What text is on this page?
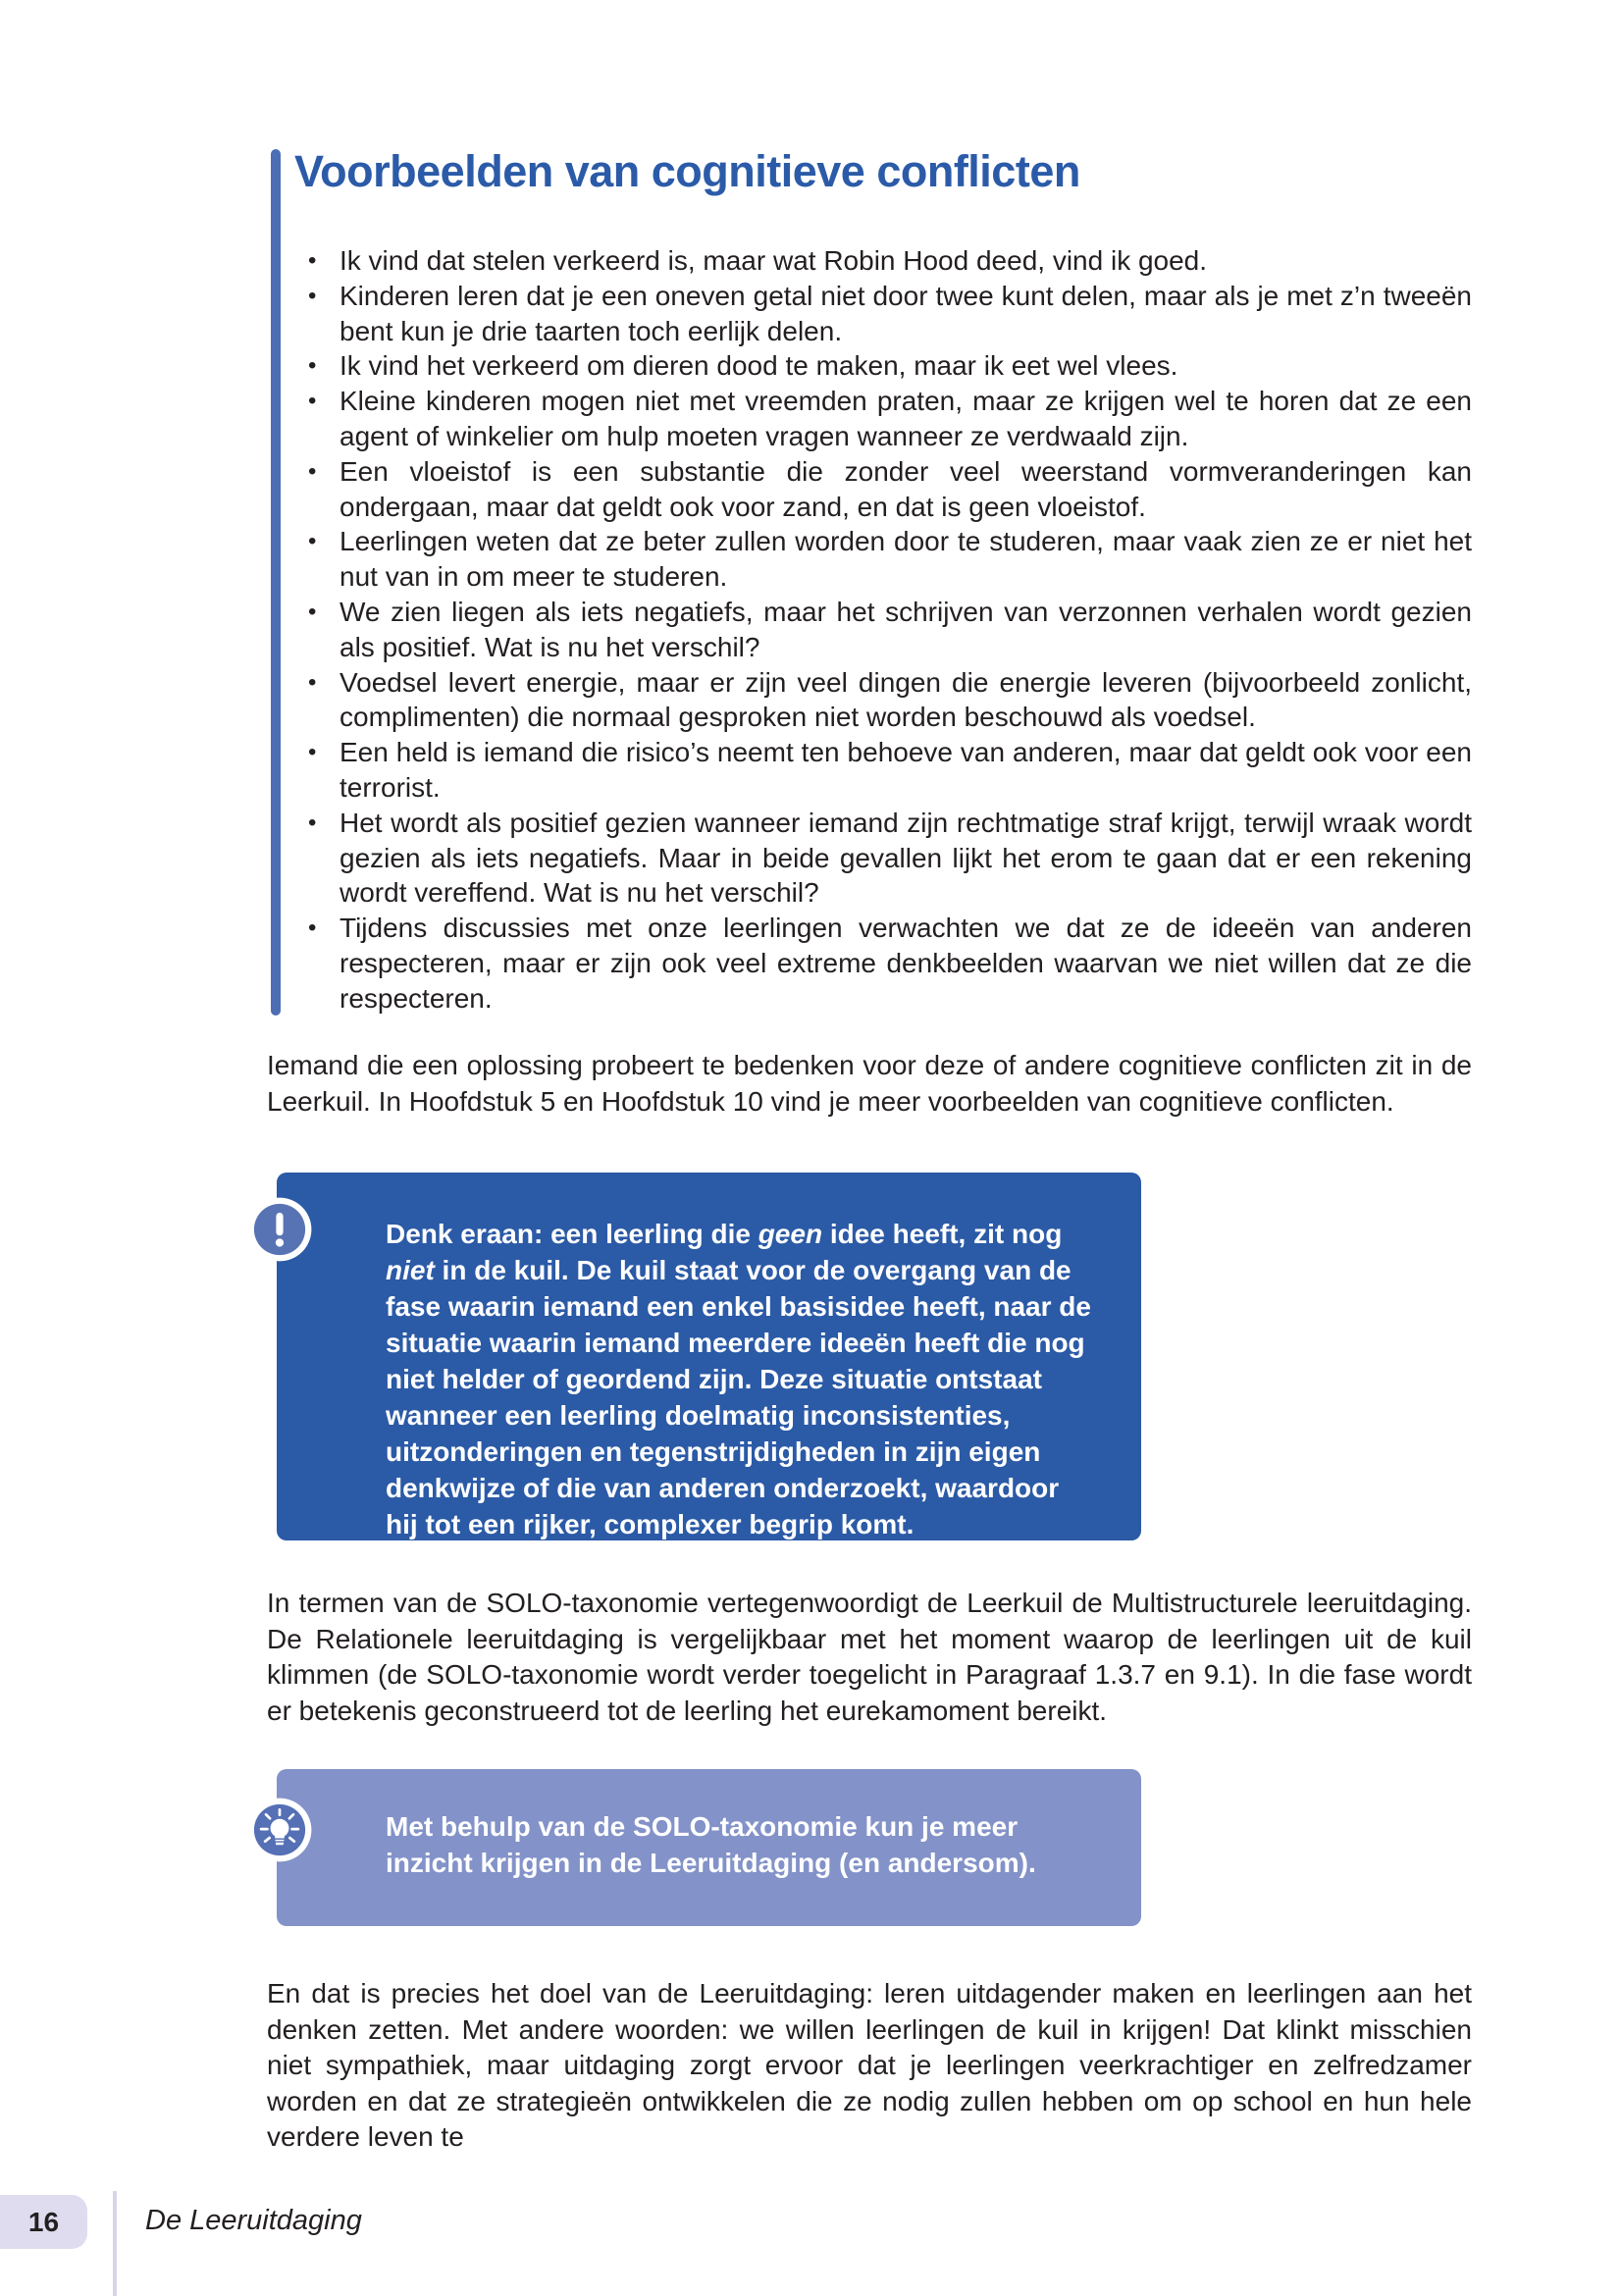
Voorbeelden van cognitieve conflicten
• Ik vind dat stelen verkeerd is, maar wat Robin Hood deed, vind ik goed.
• Kinderen leren dat je een oneven getal niet door twee kunt delen, maar als je met z’n tweeën bent kun je drie taarten toch eerlijk delen.
• Ik vind het verkeerd om dieren dood te maken, maar ik eet wel vlees.
• Kleine kinderen mogen niet met vreemden praten, maar ze krijgen wel te horen dat ze een agent of winkelier om hulp moeten vragen wanneer ze verdwaald zijn.
• Een vloeistof is een substantie die zonder veel weerstand vormveranderingen kan ondergaan, maar dat geldt ook voor zand, en dat is geen vloeistof.
• Leerlingen weten dat ze beter zullen worden door te studeren, maar vaak zien ze er niet het nut van in om meer te studeren.
• We zien liegen als iets negatiefs, maar het schrijven van verzonnen verhalen wordt gezien als positief. Wat is nu het verschil?
• Voedsel levert energie, maar er zijn veel dingen die energie leveren (bijvoorbeeld zonlicht, complimenten) die normaal gesproken niet worden beschouwd als voedsel.
• Een held is iemand die risico’s neemt ten behoeve van anderen, maar dat geldt ook voor een terrorist.
• Het wordt als positief gezien wanneer iemand zijn rechtmatige straf krijgt, terwijl wraak wordt gezien als iets negatiefs. Maar in beide gevallen lijkt het erom te gaan dat er een rekening wordt vereffend. Wat is nu het verschil?
• Tijdens discussies met onze leerlingen verwachten we dat ze de ideeën van anderen respecteren, maar er zijn ook veel extreme denkbeelden waarvan we niet willen dat ze die respecteren.

Iemand die een oplossing probeert te bedenken voor deze of andere cognitieve conflicten zit in de Leerkuil. In Hoofdstuk 5 en Hoofdstuk 10 vind je meer voorbeelden van cognitieve conflicten.

Denk eraan: een leerling die geen idee heeft, zit nog niet in de kuil. De kuil staat voor de overgang van de fase waarin iemand een enkel basisidee heeft, naar de situatie waarin iemand meerdere ideeën heeft die nog niet helder of geordend zijn. Deze situatie ontstaat wanneer een leerling doelmatig inconsistenties, uitzonderingen en tegenstrijdigheden in zijn eigen denkwijze of die van anderen onderzoekt, waardoor hij tot een rijker, complexer begrip komt.

In termen van de SOLO-taxonomie vertegenwoordigt de Leerkuil de Multistructurele leeruitdaging. De Relationele leeruitdaging is vergelijkbaar met het moment waarop de leerlingen uit de kuil klimmen (de SOLO-taxonomie wordt verder toegelicht in Paragraaf 1.3.7 en 9.1). In die fase wordt er betekenis geconstrueerd tot de leerling het eurekamoment bereikt.

Met behulp van de SOLO-taxonomie kun je meer inzicht krijgen in de Leeruitdaging (en andersom).

En dat is precies het doel van de Leeruitdaging: leren uitdagender maken en leerlingen aan het denken zetten. Met andere woorden: we willen leerlingen de kuil in krijgen! Dat klinkt misschien niet sympathiek, maar uitdaging zorgt ervoor dat je leerlingen veerkrachtiger en zelfredzamer worden en dat ze strategieën ontwikkelen die ze nodig zullen hebben om op school en hun hele verdere leven te

16	De Leeruitdaging
